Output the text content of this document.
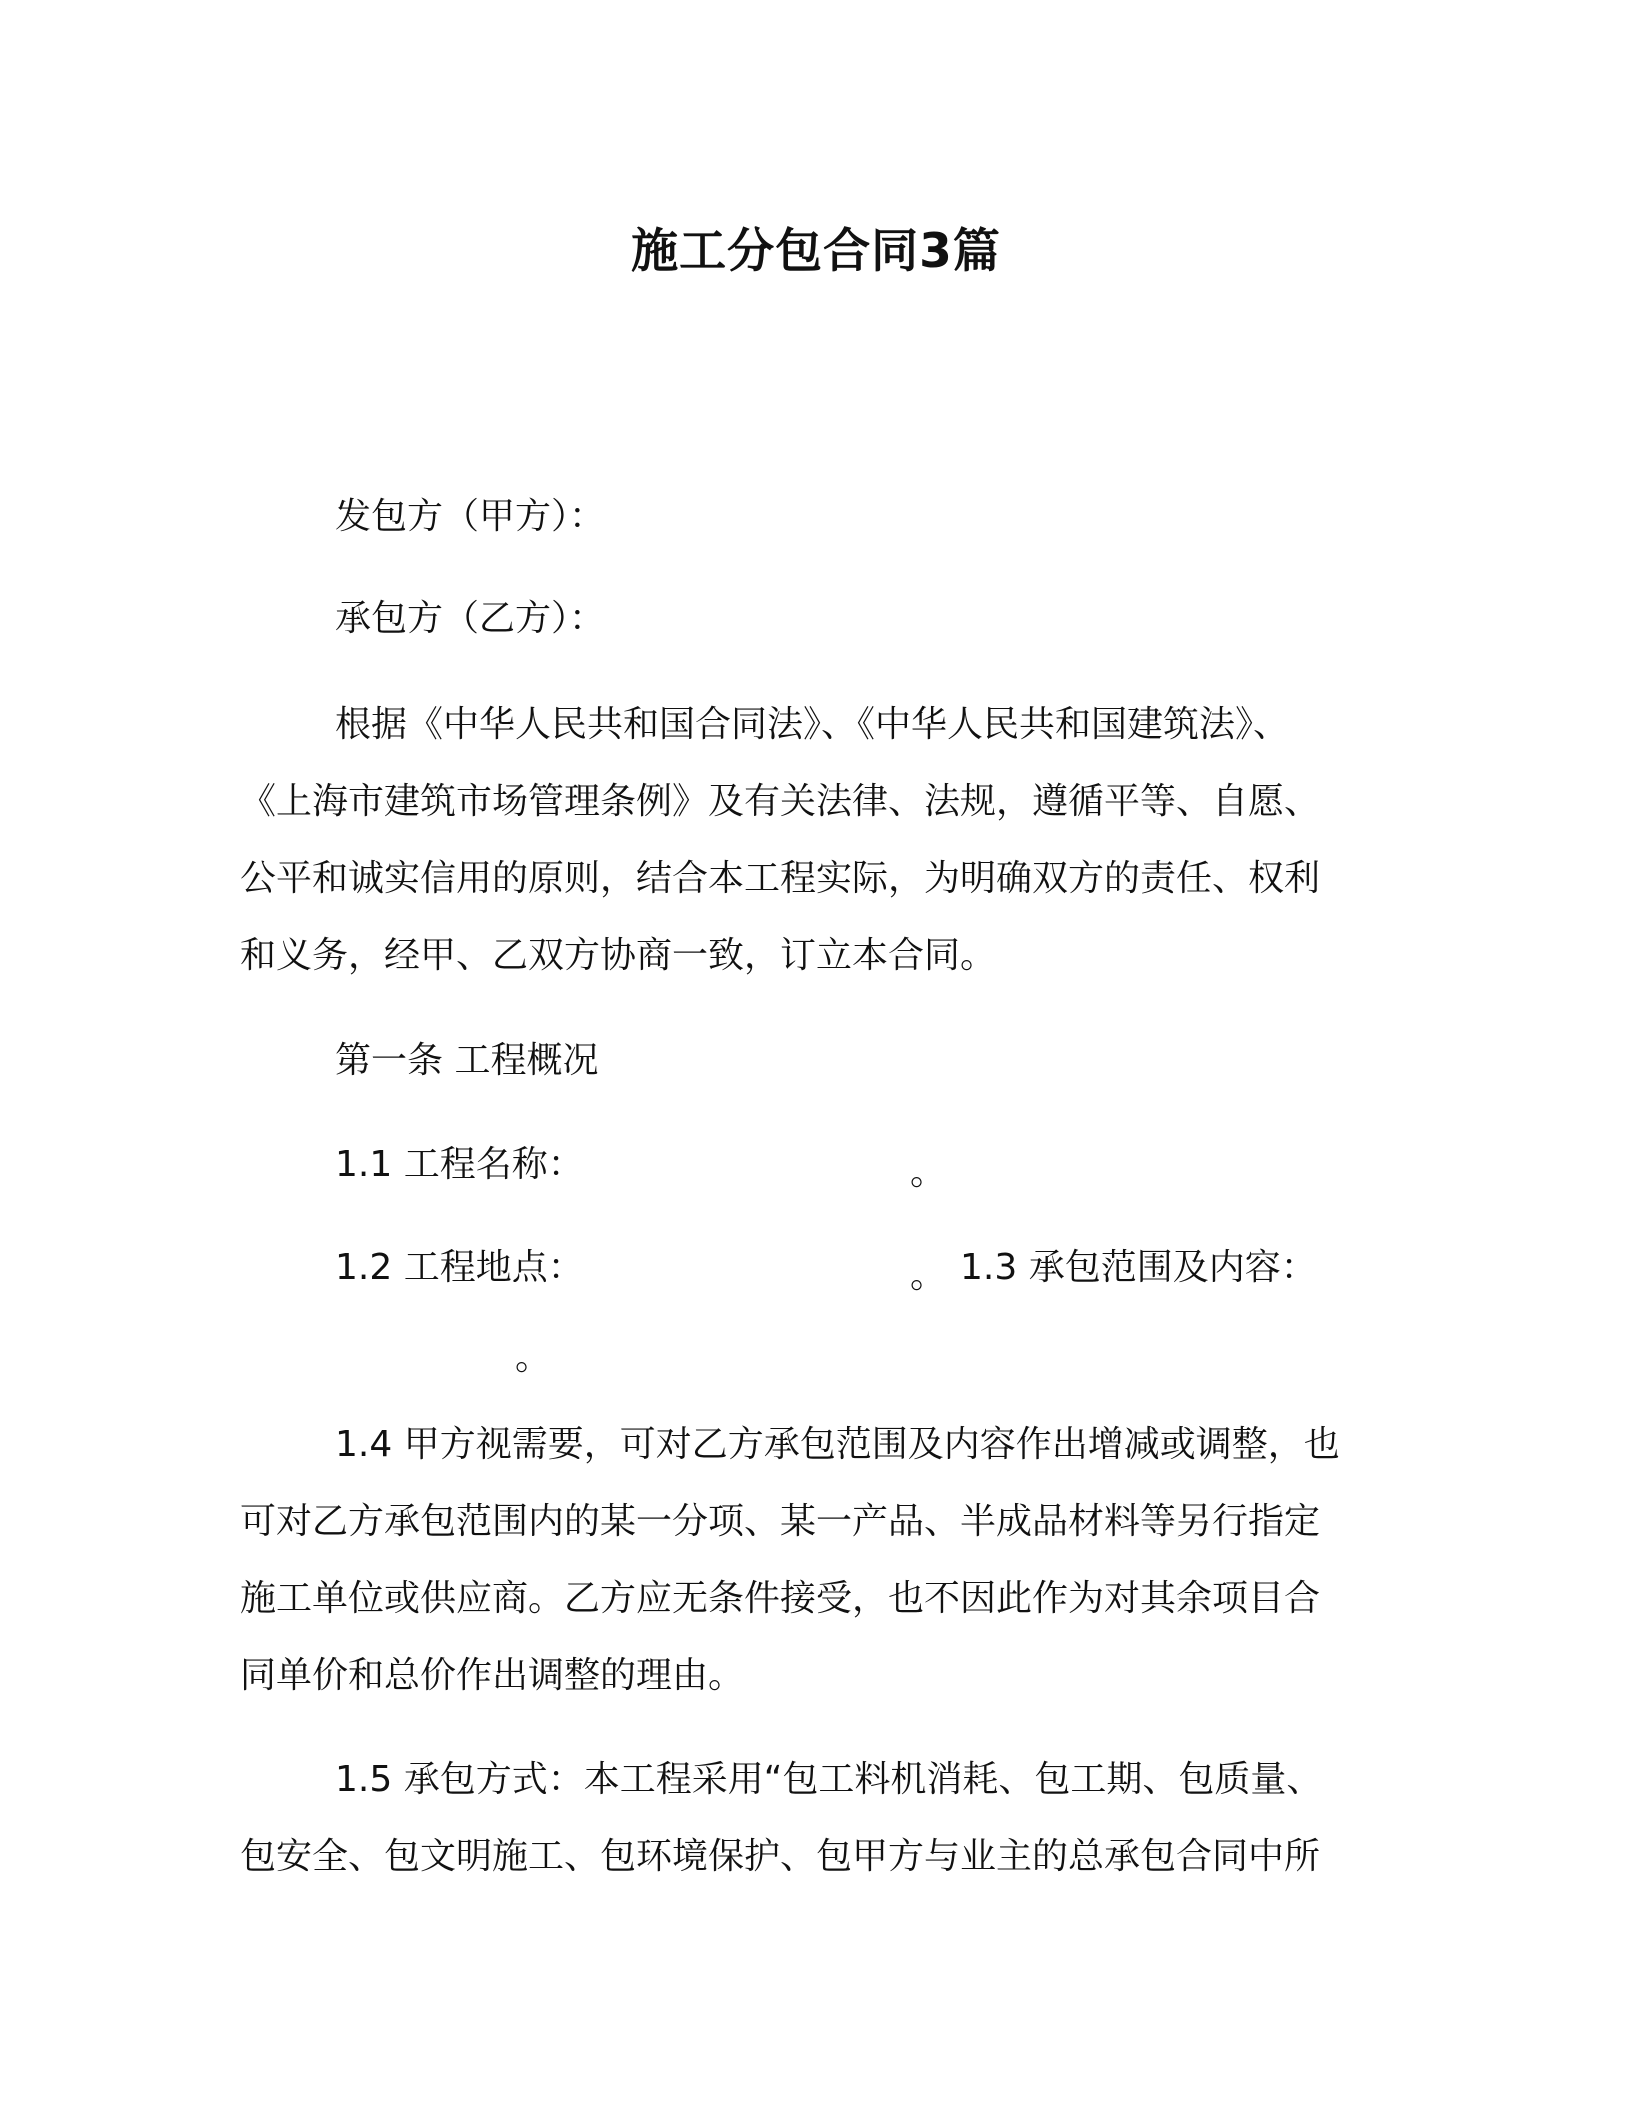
施工分包合同3篇

发包方（甲方）：

承包方（乙方）：

根据《中华人民共和国合同法》、《中华人民共和国建筑法》、

《上海市建筑市场管理条例》及有关法律、法规，遵循平等、自愿、

公平和诚实信用的原则，结合本工程实际，为明确双方的责任、权利

和义务，经甲、乙双方协商一致，订立本合同。

第一条 工程概况

1.1 工程名称：	。

1.2 工程地点：	。 1.3 承包范围及内容：

。

1.4 甲方视需要，可对乙方承包范围及内容作出增减或调整，也

可对乙方承包范围内的某一分项、某一产品、半成品材料等另行指定

施工单位或供应商。乙方应无条件接受，也不因此作为对其余项目合

同单价和总价作出调整的理由。

1.5 承包方式：本工程采用“包工料机消耗、包工期、包质量、

包安全、包文明施工、包环境保护、包甲方与业主的总承包合同中所
